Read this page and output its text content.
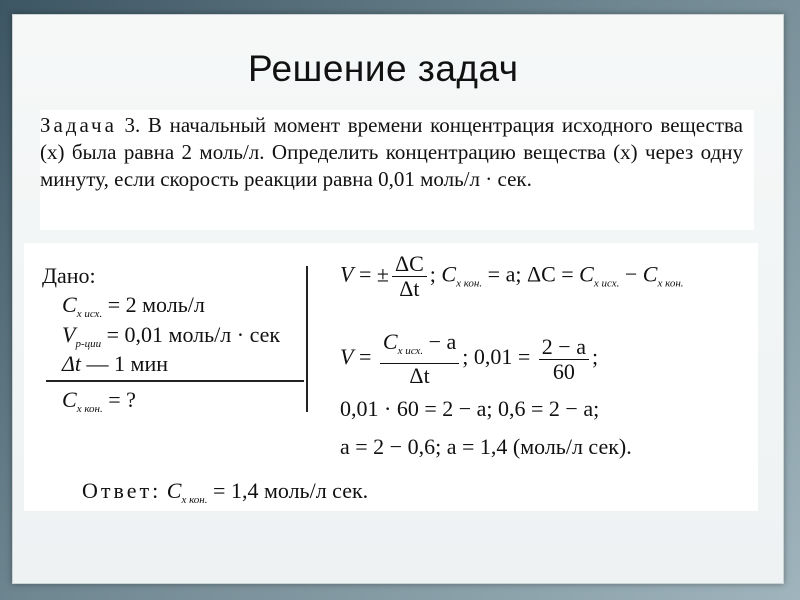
Решение задач

Задача 3. В начальный момент времени концентрация исходного вещества (x) была равна 2 моль/л. Определить концентрацию вещества (x) через одну минуту, если скорость реакции равна 0,01 моль/л · сек.

Дано:
$C_{x исх.} = 2$ моль/л
$V_{р-ции} = 0,01$ моль/л · сек
Δt — 1 мин
$C_{x кон.}$ = ?
V = ± $\frac{\Delta C}{\Delta t}$ ; $C_{x кон.} = a$; $\Delta C = C_{x исх.} - C_{x кон.}$
$V = \frac{C_{x исх.} - a}{\Delta t}$ ; $0,01 = \frac{2 - a}{60}$ ;
0,01 · 60 = 2 − a; 0,6 = 2 − a;
a = 2 − 0,6; a = 1,4 (моль/л сек).
Ответ: $C_{x кон.} = 1,4$ моль/л сек.
